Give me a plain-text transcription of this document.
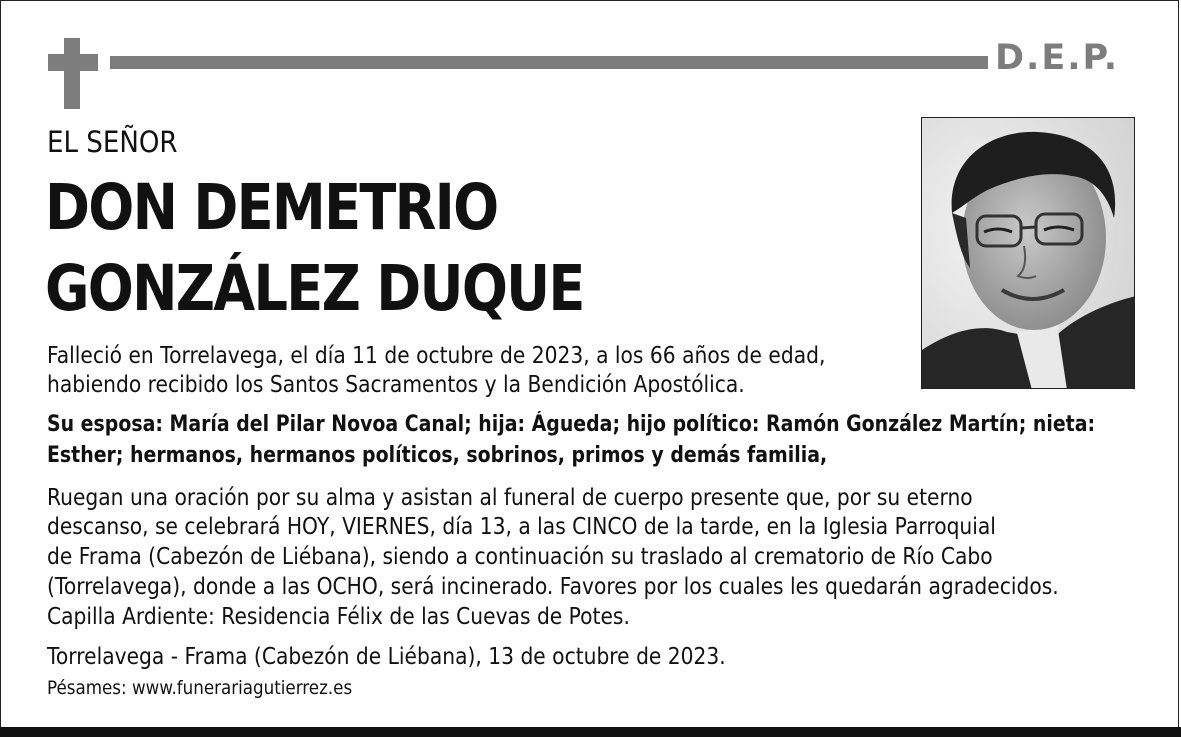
D.E.P.
EL SEÑOR
DON DEMETRIO
GONZÁLEZ DUQUE
Falleció en Torrelavega, el día 11 de octubre de 2023, a los 66 años de edad,
habiendo recibido los Santos Sacramentos y la Bendición Apostólica.
Su esposa: María del Pilar Novoa Canal; hija: Águeda; hijo político: Ramón González Martín; nieta:
Esther; hermanos, hermanos políticos, sobrinos, primos y demás familia,
Ruegan una oración por su alma y asistan al funeral de cuerpo presente que, por su eterno
descanso, se celebrará HOY, VIERNES, día 13, a las CINCO de la tarde, en la Iglesia Parroquial
de Frama (Cabezón de Liébana), siendo a continuación su traslado al crematorio de Río Cabo
(Torrelavega), donde a las OCHO, será incinerado. Favores por los cuales les quedarán agradecidos.
Capilla Ardiente: Residencia Félix de las Cuevas de Potes.
Torrelavega - Frama (Cabezón de Liébana), 13 de octubre de 2023.
Pésames: www.funerariagutierrez.es
